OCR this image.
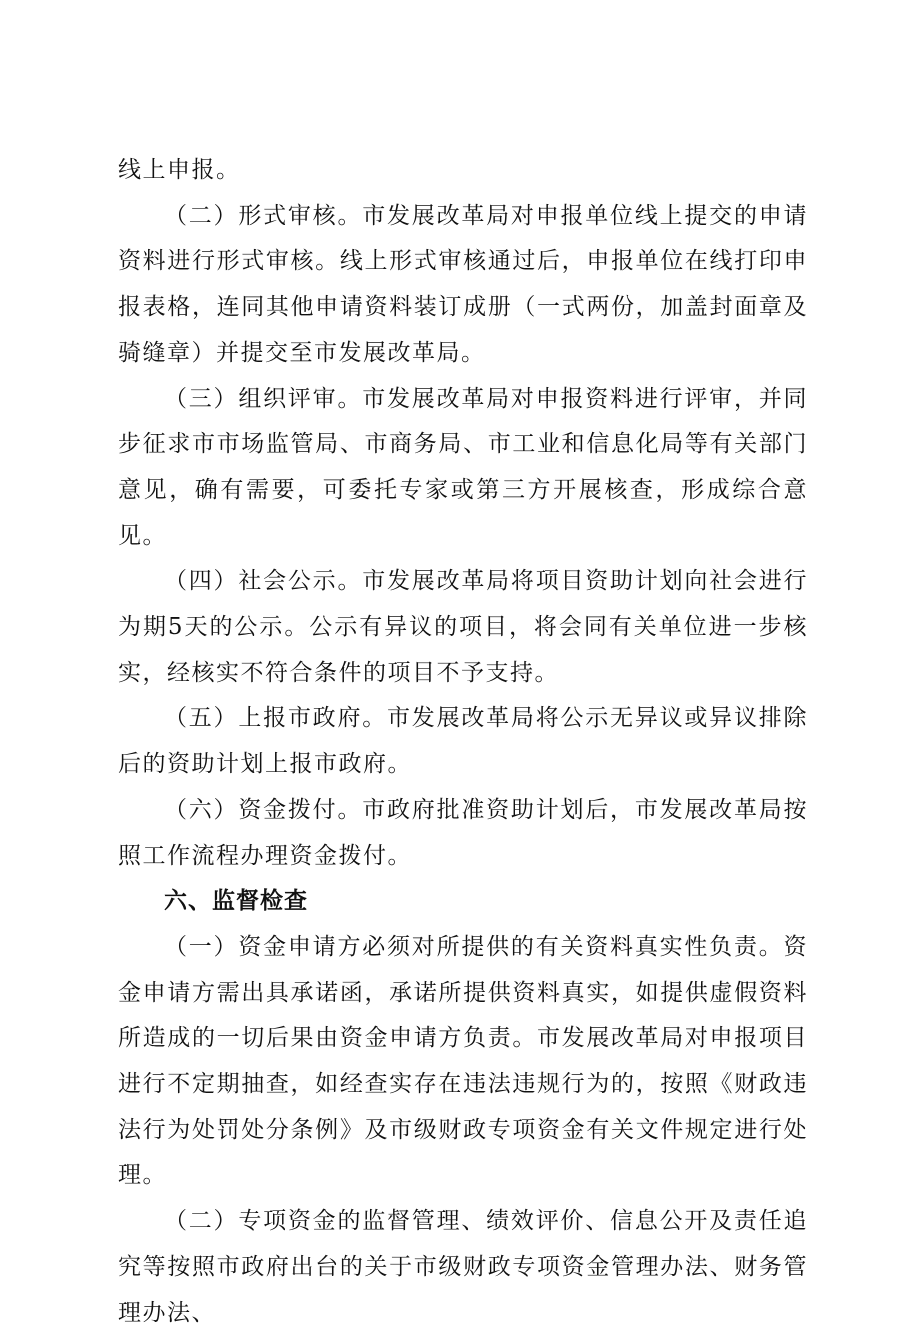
线上申报。

（二）形式审核。市发展改革局对申报单位线上提交的申请资料进行形式审核。线上形式审核通过后，申报单位在线打印申报表格，连同其他申请资料装订成册（一式两份，加盖封面章及骑缝章）并提交至市发展改革局。

（三）组织评审。市发展改革局对申报资料进行评审，并同步征求市市场监管局、市商务局、市工业和信息化局等有关部门意见，确有需要，可委托专家或第三方开展核查，形成综合意见。

（四）社会公示。市发展改革局将项目资助计划向社会进行为期5天的公示。公示有异议的项目，将会同有关单位进一步核实，经核实不符合条件的项目不予支持。

（五）上报市政府。市发展改革局将公示无异议或异议排除后的资助计划上报市政府。

（六）资金拨付。市政府批准资助计划后，市发展改革局按照工作流程办理资金拨付。

六、监督检查

（一）资金申请方必须对所提供的有关资料真实性负责。资金申请方需出具承诺函，承诺所提供资料真实，如提供虚假资料所造成的一切后果由资金申请方负责。市发展改革局对申报项目进行不定期抽查，如经查实存在违法违规行为的，按照《财政违法行为处罚处分条例》及市级财政专项资金有关文件规定进行处理。

（二）专项资金的监督管理、绩效评价、信息公开及责任追究等按照市政府出台的关于市级财政专项资金管理办法、财务管理办法、
